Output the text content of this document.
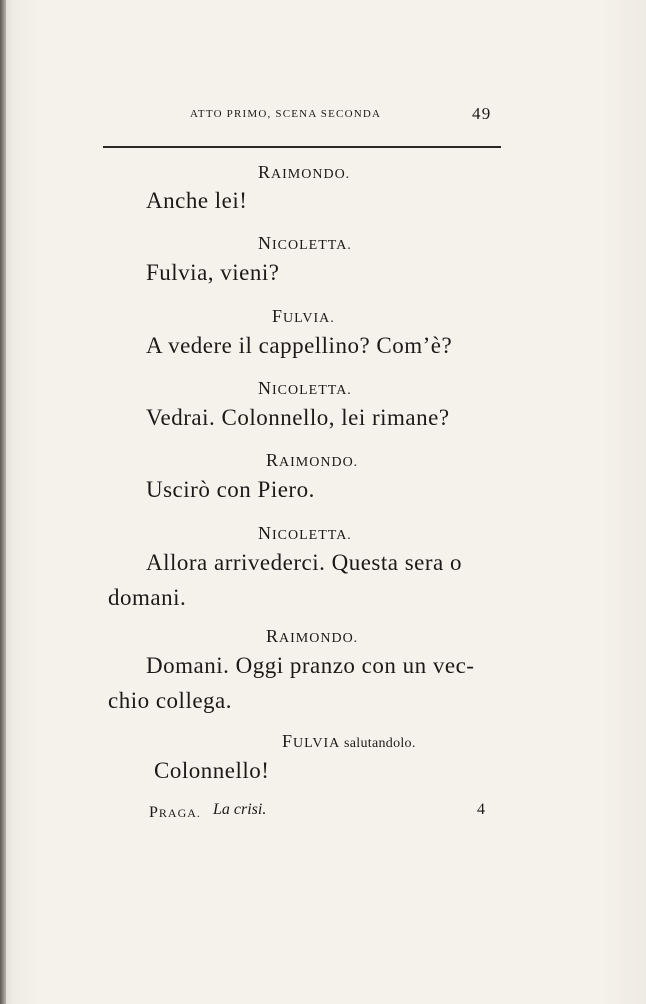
ATTO PRIMO, SCENA SECONDA	49
RAIMONDO.
Anche lei!
NICOLETTA.
Fulvia, vieni?
FULVIA.
A vedere il cappellino? Com’è?
NICOLETTA.
Vedrai. Colonnello, lei rimane?
RAIMONDO.
Uscirò con Piero.
NICOLETTA.
Allora arrivederci. Questa sera o
domani.
RAIMONDO.
Domani. Oggi pranzo con un vec-
chio collega.
FULVIA salutandolo.
Colonnello!
PRAGA. La crisi.	4
